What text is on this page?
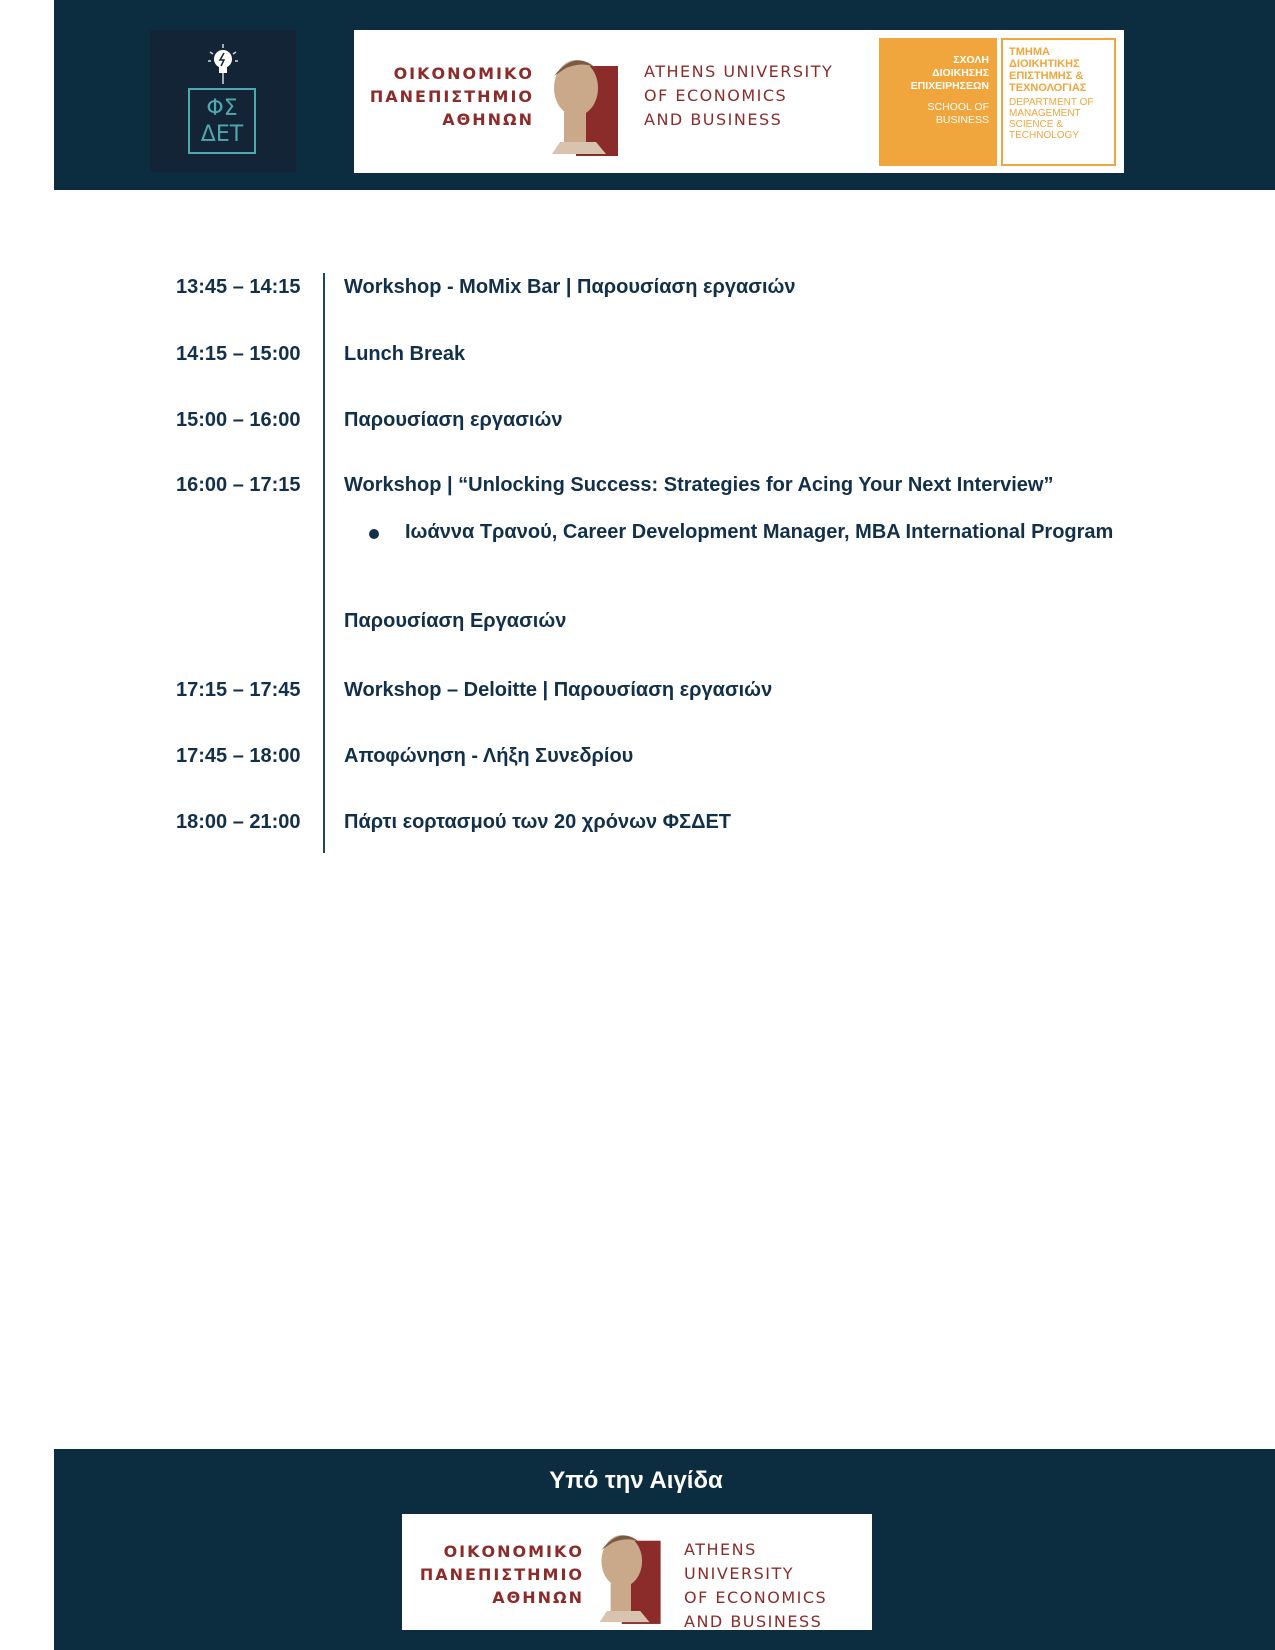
ΦΣ ΔΕΤ
ΟΙΚΟΝΟΜΙΚΟ
ΠΑΝΕΠΙΣΤΗΜΙΟ
ΑΘΗΝΩΝ
ATHENS UNIVERSITY
OF ECONOMICS
AND BUSINESS
ΣΧΟΛΗ
ΔΙΟΙΚΗΣΗΣ
ΕΠΙΧΕΙΡΗΣΕΩΝ
SCHOOL OF
BUSINESS
ΤΜΗΜΑ
ΔΙΟΙΚΗΤΙΚΗΣ
ΕΠΙΣΤΗΜΗΣ &
ΤΕΧΝΟΛΟΓΙΑΣ
DEPARTMENT OF
MANAGEMENT
SCIENCE &
TECHNOLOGY
13:45 – 14:15	Workshop - MoMix Bar | Παρουσίαση εργασιών
14:15 – 15:00	Lunch Break
15:00 – 16:00	Παρουσίαση εργασιών
16:00 – 17:15	Workshop | “Unlocking Success: Strategies for Acing Your Next Interview”
Ιωάννα Τρανού, Career Development Manager, MBA International Program
Παρουσίαση Εργασιών
17:15 – 17:45	Workshop – Deloitte | Παρουσίαση εργασιών
17:45 – 18:00	Αποφώνηση - Λήξη Συνεδρίου
18:00 – 21:00	Πάρτι εορτασμού των 20 χρόνων ΦΣΔΕΤ
Υπό την Αιγίδα
ΟΙΚΟΝΟΜΙΚΟ
ΠΑΝΕΠΙΣΤΗΜΙΟ
ΑΘΗΝΩΝ
ATHENS UNIVERSITY
OF ECONOMICS
AND BUSINESS
